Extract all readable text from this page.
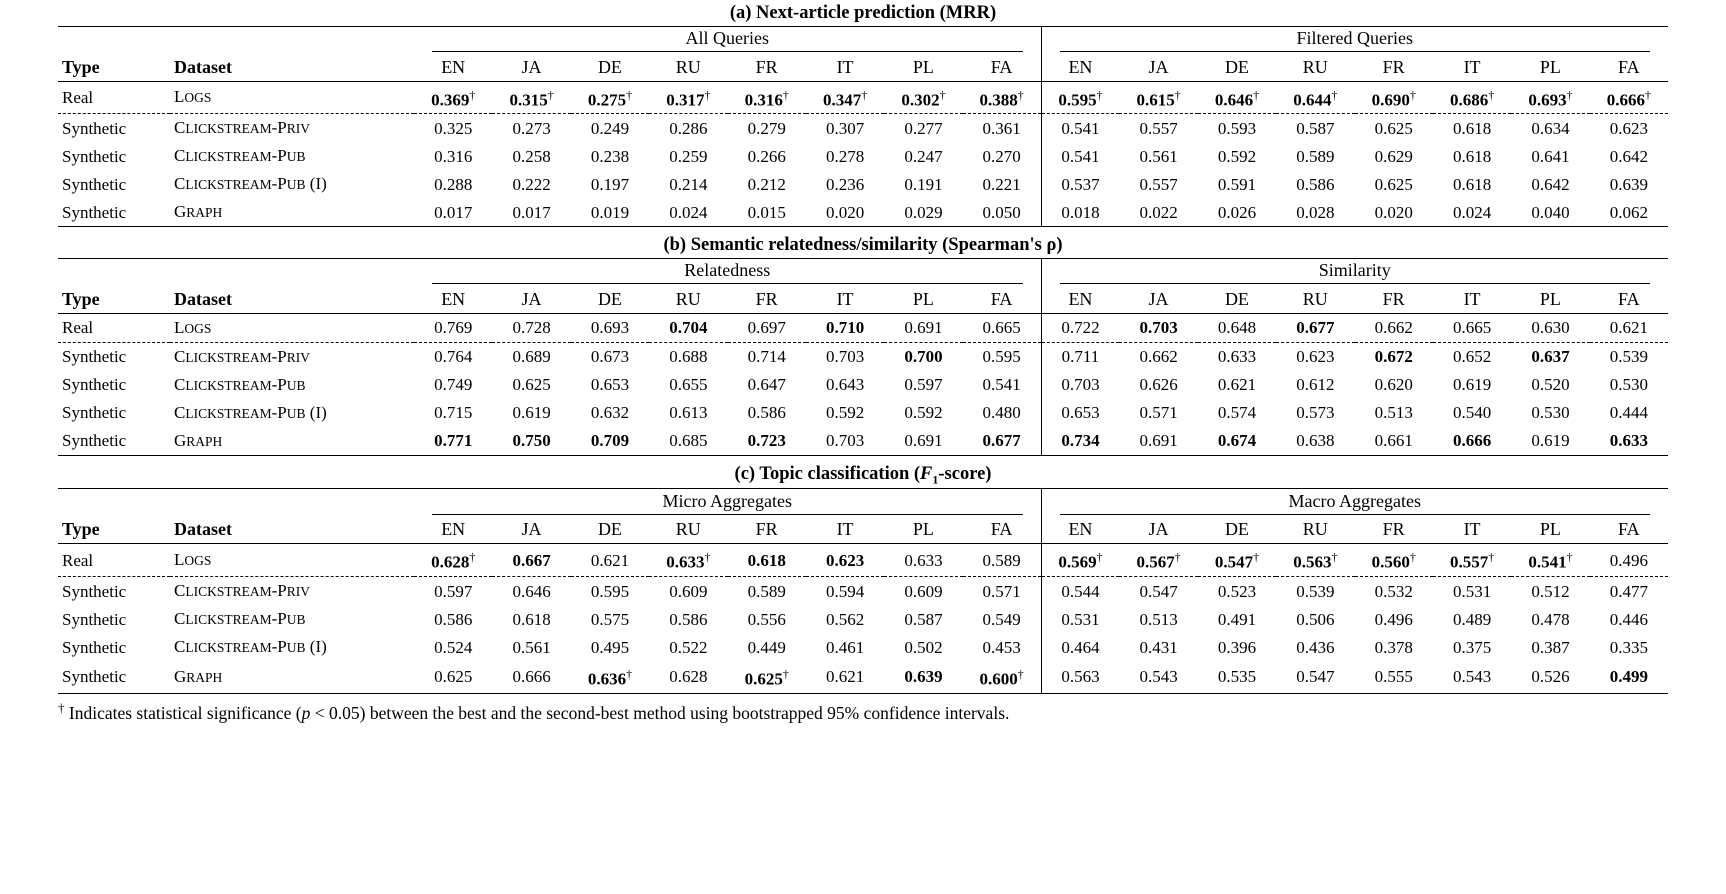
(a) Next-article prediction (MRR)

		All Queries								Filtered Queries							

Type	Dataset	EN	JA	DE	RU	FR	IT	PL	FA	EN	JA	DE	RU	FR	IT	PL	FA
Real	LOGS	0.369†	0.315†	0.275†	0.317†	0.316†	0.347†	0.302†	0.388†	0.595†	0.615†	0.646†	0.644†	0.690†	0.686†	0.693†	0.666†
Synthetic	CLICKSTREAM-PRIV	0.325	0.273	0.249	0.286	0.279	0.307	0.277	0.361	0.541	0.557	0.593	0.587	0.625	0.618	0.634	0.623
Synthetic	CLICKSTREAM-PUB	0.316	0.258	0.238	0.259	0.266	0.278	0.247	0.270	0.541	0.561	0.592	0.589	0.629	0.618	0.641	0.642
Synthetic	CLICKSTREAM-PUB (I)	0.288	0.222	0.197	0.214	0.212	0.236	0.191	0.221	0.537	0.557	0.591	0.586	0.625	0.618	0.642	0.639
Synthetic	GRAPH	0.017	0.017	0.019	0.024	0.015	0.020	0.029	0.050	0.018	0.022	0.026	0.028	0.020	0.024	0.040	0.062
(b) Semantic relatedness/similarity (Spearman's ρ)

		Relatedness								Similarity							

Type	Dataset	EN	JA	DE	RU	FR	IT	PL	FA	EN	JA	DE	RU	FR	IT	PL	FA
Real	LOGS	0.769	0.728	0.693	0.704	0.697	0.710	0.691	0.665	0.722	0.703	0.648	0.677	0.662	0.665	0.630	0.621
Synthetic	CLICKSTREAM-PRIV	0.764	0.689	0.673	0.688	0.714	0.703	0.700	0.595	0.711	0.662	0.633	0.623	0.672	0.652	0.637	0.539
Synthetic	CLICKSTREAM-PUB	0.749	0.625	0.653	0.655	0.647	0.643	0.597	0.541	0.703	0.626	0.621	0.612	0.620	0.619	0.520	0.530
Synthetic	CLICKSTREAM-PUB (I)	0.715	0.619	0.632	0.613	0.586	0.592	0.592	0.480	0.653	0.571	0.574	0.573	0.513	0.540	0.530	0.444
Synthetic	GRAPH	0.771	0.750	0.709	0.685	0.723	0.703	0.691	0.677	0.734	0.691	0.674	0.638	0.661	0.666	0.619	0.633
(c) Topic classification $(F_1-score)$

		Micro Aggregates								Macro Aggregates							

Type	Dataset	EN	JA	DE	RU	FR	IT	PL	FA	EN	JA	DE	RU	FR	IT	PL	FA
Real	LOGS	0.628†	0.667	0.621	0.633†	0.618	0.623	0.633	0.589	0.569†	0.567†	0.547†	0.563†	0.560†	0.557†	0.541†	0.496
Synthetic	CLICKSTREAM-PRIV	0.597	0.646	0.595	0.609	0.589	0.594	0.609	0.571	0.544	0.547	0.523	0.539	0.532	0.531	0.512	0.477
Synthetic	CLICKSTREAM-PUB	0.586	0.618	0.575	0.586	0.556	0.562	0.587	0.549	0.531	0.513	0.491	0.506	0.496	0.489	0.478	0.446
Synthetic	CLICKSTREAM-PUB (I)	0.524	0.561	0.495	0.522	0.449	0.461	0.502	0.453	0.464	0.431	0.396	0.436	0.378	0.375	0.387	0.335
Synthetic	GRAPH	0.625	0.666	0.636†	0.628	0.625†	0.621	0.639	0.600†	0.563	0.543	0.535	0.547	0.555	0.543	0.526	0.499
† Indicates statistical significance (p < 0.05) between the best and the second-best method using bootstrapped 95% confidence intervals.
